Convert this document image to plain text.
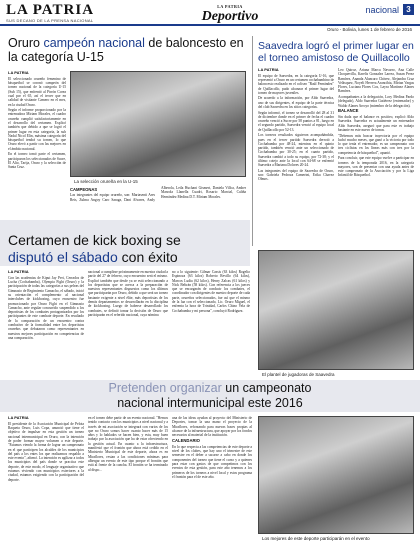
LA PATRIA
SUS DECANO DE LA PRENSA NACIONAL
LA PATRIA
Deportivo	nacional 3
Oruro - Bolivia, lunes 1 de febrero de 2016
Oruro campeón nacional de baloncesto en la categoría U-15
LA PATRIA

El seleccionado orureño femenino de básquetbol se coronó campeón del torneo nacional de la categoría U-15 (Sub 15), que enfrentó al Pirrón Corea cual por el 65, así el tercer que en calidad de visitante Camero en el mes, en la ciudad Oruro.

Según el informe proporcionado por la entrenadora Miriam Morales, el cuadro orureño cumplió satisfactoriamente en el desarrollo del certamen. Explicó también que debido a que se logró el primer lugar en esta categoría, la sub Nadal Nicol Elin, máxima categoría del básquetbol tendrá su torneo, lo que Oruro elevó a partir con las mejores en el ámbito nacional.

En el torneo tomó parte el certamen, participaron los seleccionados de Sucre, El Alto, Tarija, Oruro y la selección de Santa Cruz.

La selección orureña en la U-15
CAMPEONAS

Las integrantes del equipo orureño, son: Mariasenti Ares Reis, Zulma Angoy Caro Saraga, Dani Alvarez, Andy Alberola, Leila Huchani Gismert, Daniela Villca, Amber Marzola Llanella Cuadri, Rosario Marcial, Caliña Hernández Medina D.T. Miriam Morales.

Saavedra logró el primer lugar en
el torneo amistoso de Quillacollo
LA PATRIA

El equipo de Saavedra, en la categoría U-16, que representó a Oruro en un certamen cochabambino de baloncesto realizado en el coliseo "Raúl Fernández" de Quillacollo, pudo alcanzar el primer lugar del torneo de mayores juveniles.

De acuerdo a la información, por Aldo Saavedra, uno de sus dirigentes, el equipo de la parte técnica del club Saavedra en los sitios categorías.

Según informó, el torneo se desarrolló del 28 al 31 de diciembre donde en el primer de fecha el cuadro orureño venció a Sucre por 58 puntos a 81, luego en el segundo partido, Saavedra venció al equipo local de Quillacollo por 52-13.

Los torneos resultados siguieron acompañándola, pues en el tercer partido Saavedra derrotó a Cochabamba por 48-24, mientras en el quinto partido, también venció ante un seleccionado de Cochabamba por 30-25; en el cuarto partido, Saavedra cambió a todo su equipo, por 72-38; y el último cotejo ante la local con 64-68 se enfrentó Saavedra a Mariana Dolores 20-24.

Las integrantes del equipo de Saavedra de Oruro, son: Gabriela Pedroza Camerini, Erika Chavez Olmos.

Leo Quiroz, Ariana Marca Navarro, Ana Calle Choquevilla, Karelis Gonzalez Larrea, Susan Perez Ramírez, Ananda Alancaro Chávez, Alejandra Cruz Velásquez, Noyeli Herrera Arancibia, Mirian Vargas Flores, Luciana Flores Cox, Layra Martinez Alanes Ramírez.

Acompañantes a la delegación, Lory Medina Pardo (delegado), Aldo Saavedra Gutiérrez (entrenador) y Waldo Alanes Arroyo (miembro de la delegación).

BALANCE

Sin duda que el balance es positivo, explicó Aldo Saavedra. Saavedra es actualmente un entrenador Aldo Saavedra, aseguró que para este es trabajo bastante en este nuevo de tomas.

"Debemos más buscar trayectoria por el equipo luchó mucho meses, que ganó a la victoria por todo lo que tenía el entrenador, es un campeonato con tres ciclistas en los líneas más con tres por la competencia de básquetbol", apuntó.

Para concluir, que este equipo vuelve a participar en torneos de la temporada 2016, en la categoría mayores, son de presentar con una ayuda antes de este campeonato de la Asociación y por la Liga Infantil de Básquetbol.

Certamen de kick boxing se
disputó el sábado con éxito
LA PATRIA

Con las academias de Kiput Jay Peri, Cerrados de Lucha (Cochabamba), Olympia Fight (Oruro) y la participación de todas las categorías a sus peleas del Gimnasio de Regimiento Camacho, el sábado, inició su orientación el complemento al nacional interclubes de kickboxing, cuyo encuentro fue promocionado por Oruro Fight en el Gimnasio Camacho, ante regular concurrido suspendido a los deportistas de los combates protagonizados por los participantes de este combate deporte. En resultado de la comparación de un encuentro contra combativo de la formalidad entre los deportistas orureños que debutaron como representantes en nuestros mejores participación en competencias de una comparación.

nacional a cumplirse próximamente en nuestra ciudad a partir del 27 de febrero, cuyo encuentro será el mismo. Explicó también que desde ya se está seleccionando a los deportistas que se acerca a la preparación de nuestros representantes dispuestos como los últimos que participarán por Oruro, debido a que será un torneo bastante exigente a nivel élite, más deportistas de los demás departamentos se desarrollarán en la disciplina de kickboxing. Luego de haberse desarrollado los combates, se definió tomar la decisión de Oruro que participarán en el referido nacional, cuya nómina

no a lo siguiente: Gilmar Cassis (63 kilos) Rogelio Espinoza (63 kilos) Roberto Revillo (64 kilos), Marcos Ludia (62 kilos), Henry Zalcas (61 kilos) y Nick Beltrán (58 kilos). Con referencia a los jueces que se encargarán de conducir los combates, el coordinador con dirigentes de nuestro deporte de cada parte, orureños seleccionados, fue así que el mismo de la luz con el seleccionado, Lic. Oruro Miguel, el enfrenta la hora de Trinidad, Carlos Chino Vela de Cochabamba y mi persona", concluyó Rodríguez.

El plantel de jugadoras de Saavedra
Pretenden organizar un campeonato
nacional intermunicipal este 2016
LA PATRIA

El presidente de la Asociación Municipal de Pelota Raqueta Oruro, Luis Copa, anunció que tiene el objetivo de impulsar en esta gestión un torneo nacional intermunicipal en Oruro, con la intención de poder formar mayor volumen a este deporte. "Estamos viendo la forma de lograr un campeonato en el que participen los alcaldes de los municipios del país a los entes los que realizamos respaldo a este evento", afirmó. La intención es agilizar a todos los municipios del país donde se practica este deporte, de este modo, el lenguaje organizativo que estamos viviendo con municipios exteriores a la ciudad, estamos exigiendo con la participación del deporte.

en el torneo debe partir de un evento nacional. "Hemos tenido contacto con los municipios a nivel nacional y a través de mi asociación se integrará con varios de los que no Oruro somos hacer cuanto hacer más de 15 años y lo hablados se hacen bien, y esta, muy buen trabajo por la asociación que ha de estar ofreciendo en la gestión actual. En cuanto a la infraestructura, manifestó que el frontón que ahora está cedido en el Ministerio Municipal de este deporte, ahora es en Miraflores, restan a las condiciones mínimas para albergar un evento de este tipo porque el frontón que está al frente de la cancha. El frontón se ha terminado al dispo...

una de las ideas ayudan al proyecto del Ministerio de Deportes, tomar la una mano el proyecto de la Miraflores, reforzando para nuevas bases propias al alcance de la infraestructura, que apoyar por los fondos necesarios al material de la institución.

CALENDARIO

En lo que respecta a las competencias de este deporte a nivel de los clubes, que hay uno el trimestre de este semestre en el deber a sacarse a cabo en donde los componentes del torneo que tiene el curso y a quienes para estar con gastos de que competimos con los eventos de esta gestión, para este año tenemos a los primeros de los torneos a nivel local y estos programa el frontón para el de este año.

Los mejores de este deporte participarán en el evento
